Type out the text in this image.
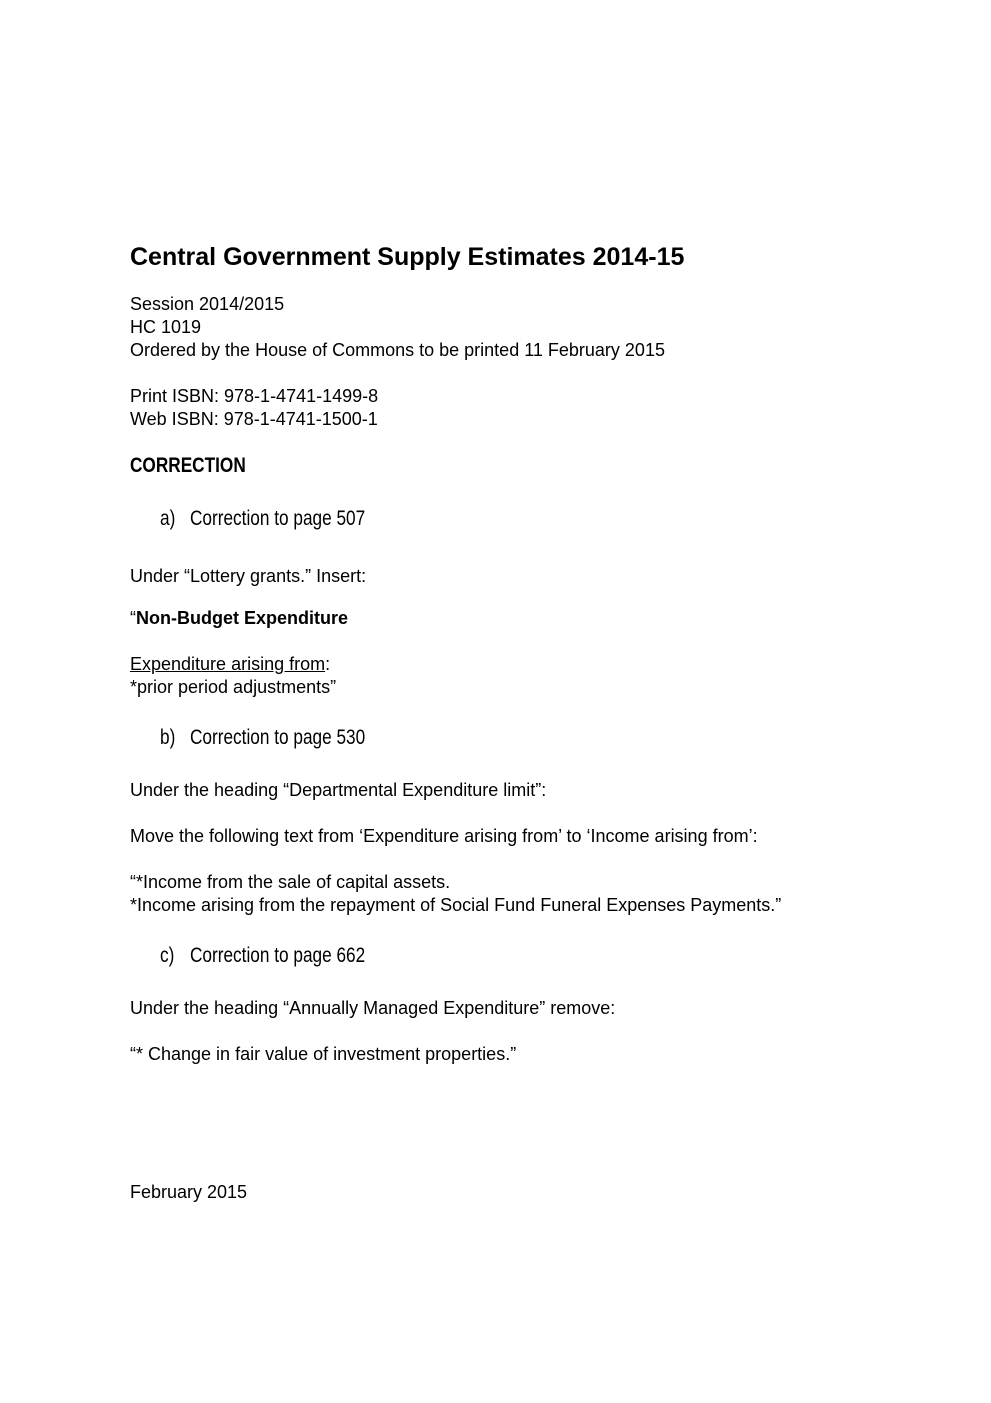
Central Government Supply Estimates 2014-15
Session 2014/2015
HC 1019
Ordered by the House of Commons to be printed 11 February 2015
Print ISBN: 978-1-4741-1499-8
Web ISBN: 978-1-4741-1500-1
CORRECTION
a) Correction to page 507
Under “Lottery grants.” Insert:
“Non-Budget Expenditure
Expenditure arising from:
*prior period adjustments”
b) Correction to page 530
Under the heading “Departmental Expenditure limit”:
Move the following text from ‘Expenditure arising from’ to ‘Income arising from’:
“*Income from the sale of capital assets.
*Income arising from the repayment of Social Fund Funeral Expenses Payments.”
c) Correction to page 662
Under the heading “Annually Managed Expenditure” remove:
“* Change in fair value of investment properties.”
February 2015
